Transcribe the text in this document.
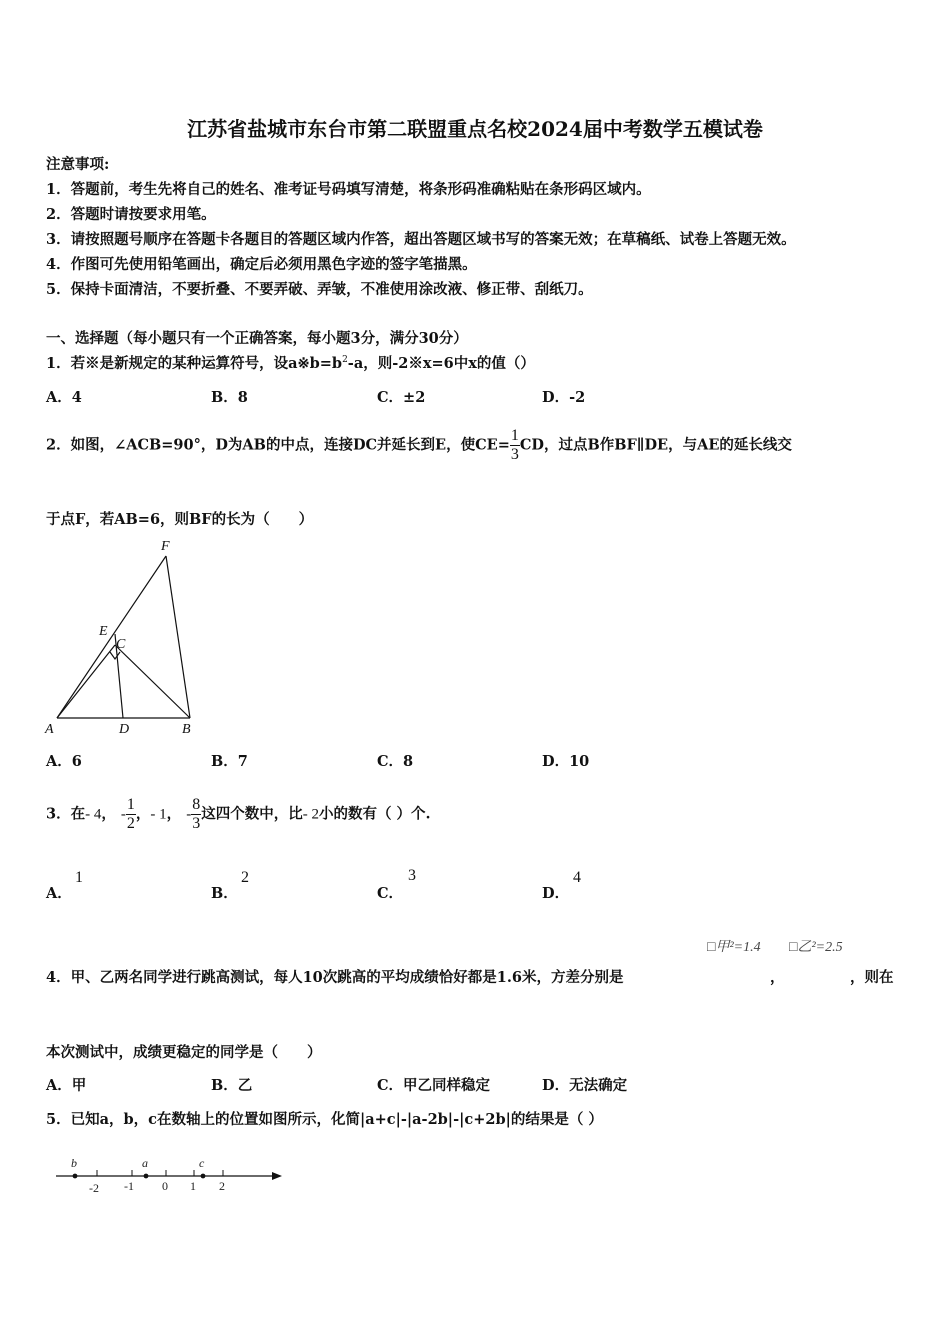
江苏省盐城市东台市第二联盟重点名校2024届中考数学五模试卷
注意事项:
1．答题前，考生先将自己的姓名、准考证号码填写清楚，将条形码准确粘贴在条形码区域内。
2．答题时请按要求用笔。
3．请按照题号顺序在答题卡各题目的答题区域内作答，超出答题区域书写的答案无效；在草稿纸、试卷上答题无效。
4．作图可先使用铅笔画出，确定后必须用黑色字迹的签字笔描黑。
5．保持卡面清洁，不要折叠、不要弄破、弄皱，不准使用涂改液、修正带、刮纸刀。
一、选择题（每小题只有一个正确答案，每小题3分，满分30分）
1．若※是新规定的某种运算符号，设$a※b=b^2-a$，则-2※x=6中x的值（）
A．4	B．8	C．±2	D．-2
2．如图，∠ACB=90°，D为AB的中点，连接DC并延长到E，使$CE= \frac{1}{3}$ CD，过点B作BF∥DE，与AE的延长线交
于点F，若AB=6，则BF的长为（　　）
F
E
C
A	D	B
A．6	B．7	C．8	D．10
3．在- 4， - $\frac{1}{2}$ ，- 1， - $\frac{8}{3}$ 这四个数中，比- 2小的数有（ ）个.
A．
1
B．
2
C．
3
D．
4
□甲²=1.4 □乙²=2.5
4．甲、乙两名同学进行跳高测试，每人10次跳高的平均成绩恰好都是1.6米，方差分别是	，	，则在
本次测试中，成绩更稳定的同学是（　　）
A．甲	B．乙	C．甲乙同样稳定	D．无法确定
5．已知a，b，c在数轴上的位置如图所示，化简|a+c|-|a-2b|-|c+2b|的结果是（ ）
b	a	c
-2 -1 0 1 2
